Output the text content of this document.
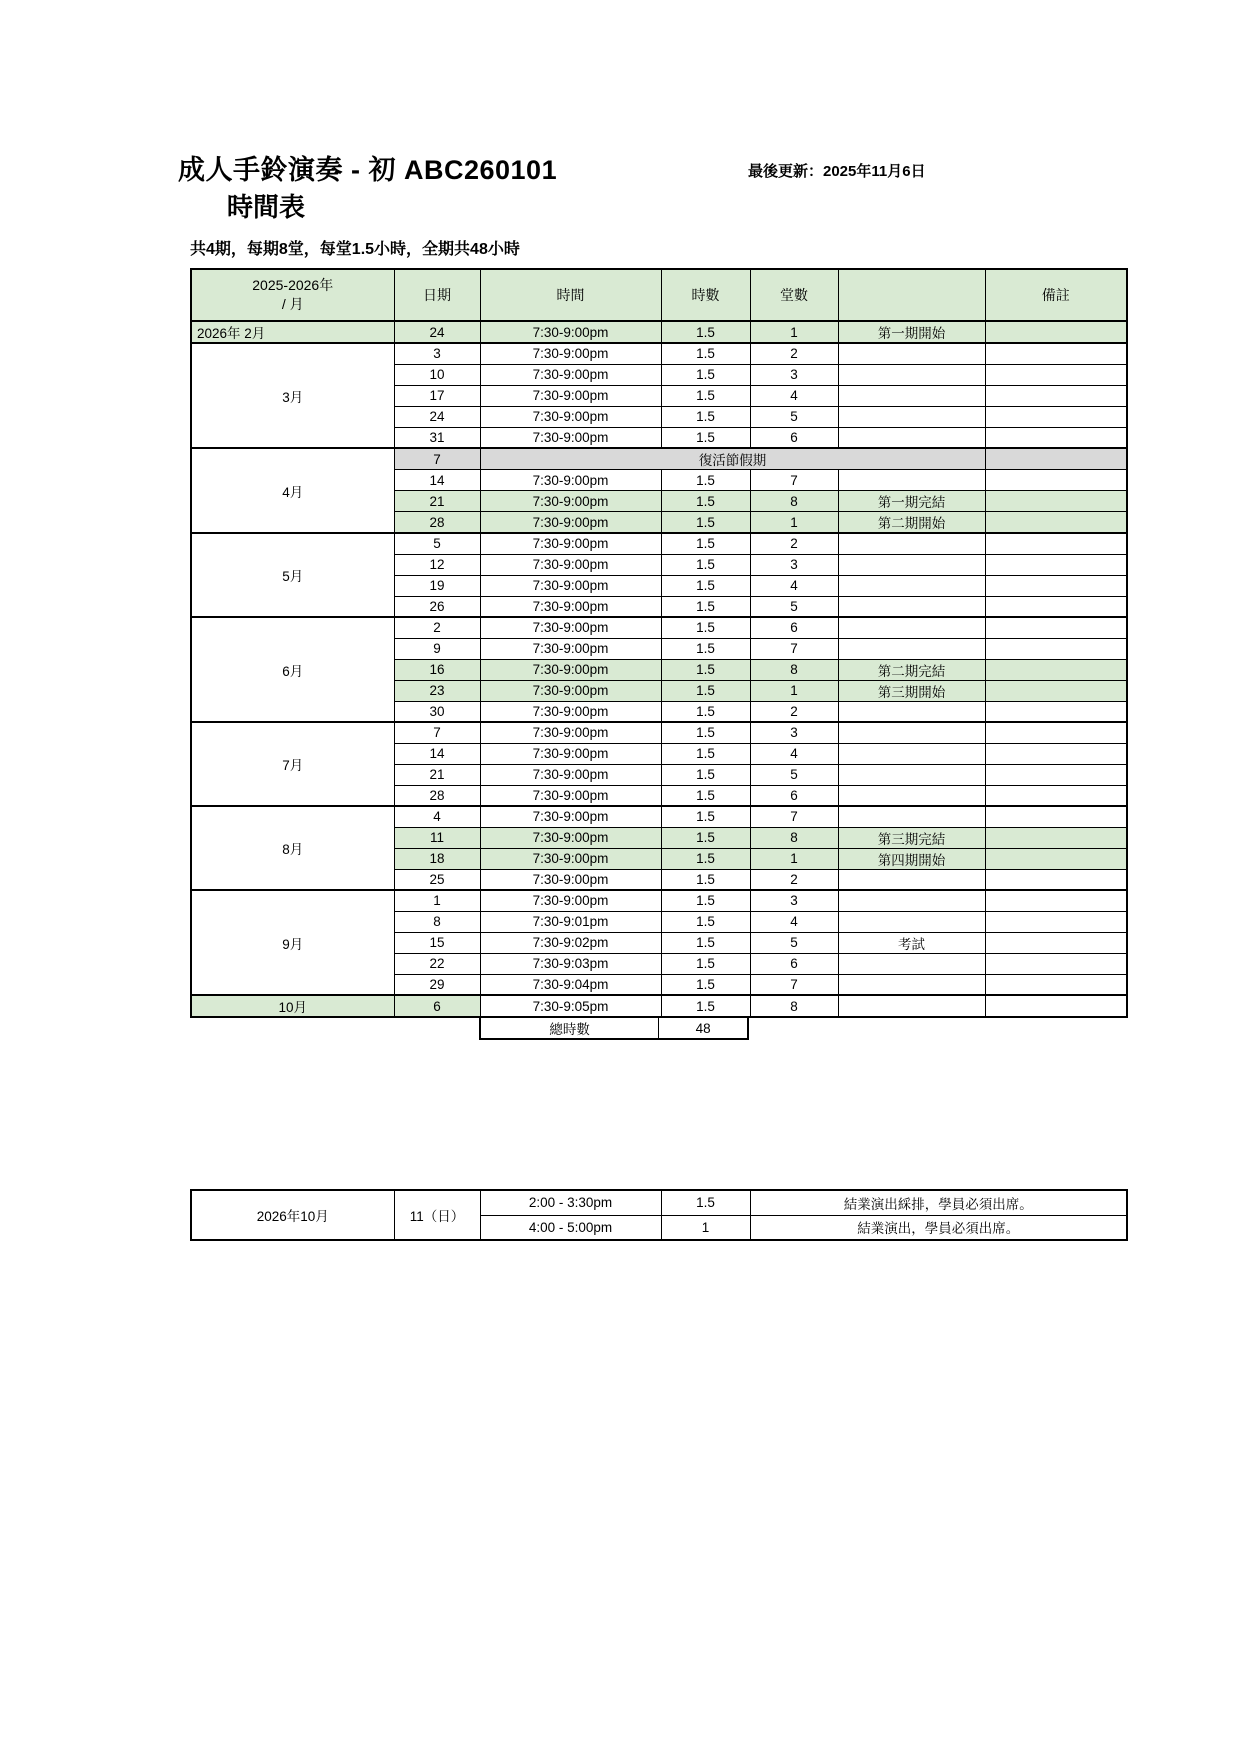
成人手鈴演奏 - 初 ABC260101
時間表
最後更新：2025年11月6日
共4期，每期8堂，每堂1.5小時，全期共48小時
2025-2026年
/ 月	日期	時間	時數	堂數		備註
2026年 2月	24	7:30-9:00pm	1.5	1	第一期開始	
3月	3	7:30-9:00pm	1.5	2		
	10	7:30-9:00pm	1.5	3		
	17	7:30-9:00pm	1.5	4		
	24	7:30-9:00pm	1.5	5		
	31	7:30-9:00pm	1.5	6		
4月	7	復活節假期				
	14	7:30-9:00pm	1.5	7		
	21	7:30-9:00pm	1.5	8	第一期完結	
	28	7:30-9:00pm	1.5	1	第二期開始	
5月	5	7:30-9:00pm	1.5	2		
	12	7:30-9:00pm	1.5	3		
	19	7:30-9:00pm	1.5	4		
	26	7:30-9:00pm	1.5	5		
6月	2	7:30-9:00pm	1.5	6		
	9	7:30-9:00pm	1.5	7		
	16	7:30-9:00pm	1.5	8	第二期完結	
	23	7:30-9:00pm	1.5	1	第三期開始	
	30	7:30-9:00pm	1.5	2		
7月	7	7:30-9:00pm	1.5	3		
	14	7:30-9:00pm	1.5	4		
	21	7:30-9:00pm	1.5	5		
	28	7:30-9:00pm	1.5	6		
8月	4	7:30-9:00pm	1.5	7		
	11	7:30-9:00pm	1.5	8	第三期完結	
	18	7:30-9:00pm	1.5	1	第四期開始	
	25	7:30-9:00pm	1.5	2		
9月	1	7:30-9:00pm	1.5	3		
	8	7:30-9:01pm	1.5	4		
	15	7:30-9:02pm	1.5	5	考試	
	22	7:30-9:03pm	1.5	6		
	29	7:30-9:04pm	1.5	7		
10月	6	7:30-9:05pm	1.5	8		
總時數	48
2026年10月	11（日）	2:00 - 3:30pm	1.5	結業演出綵排，學員必須出席。
		4:00 - 5:00pm	1	結業演出，學員必須出席。
